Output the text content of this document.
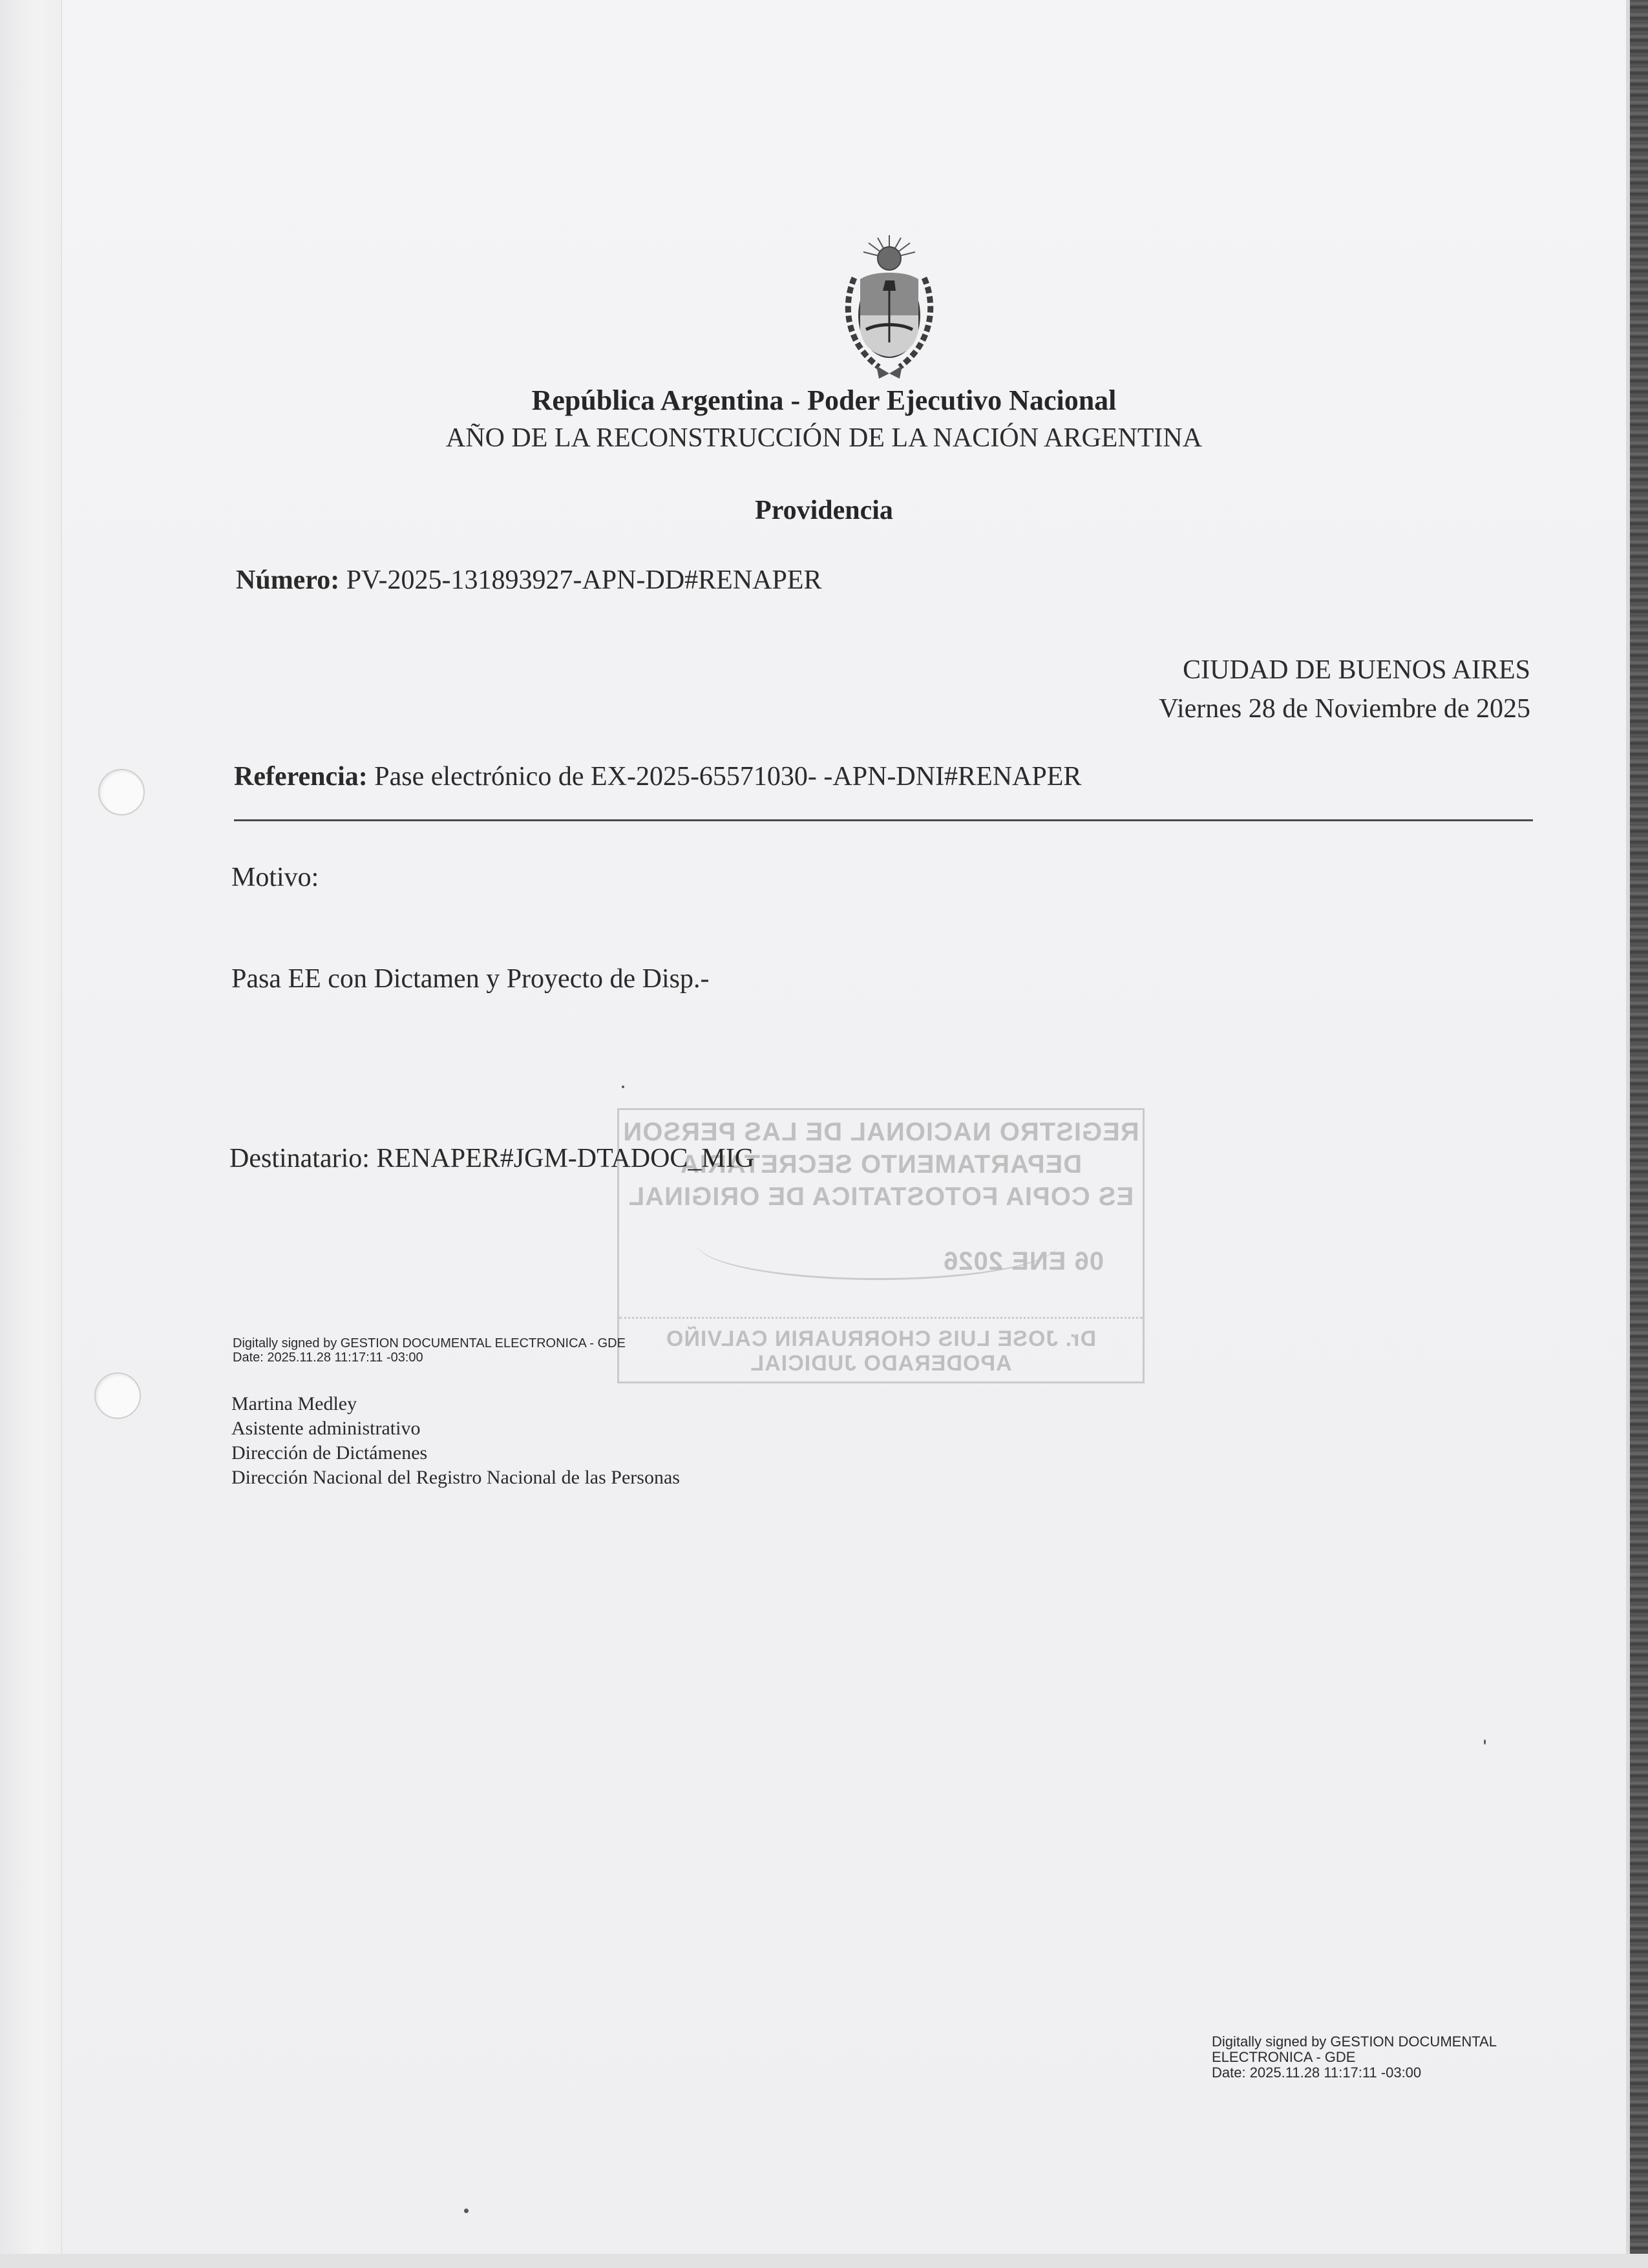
República Argentina - Poder Ejecutivo Nacional
AÑO DE LA RECONSTRUCCIÓN DE LA NACIÓN ARGENTINA
Providencia
Número: PV-2025-131893927-APN-DD#RENAPER
CIUDAD DE BUENOS AIRES
Viernes 28 de Noviembre de 2025
Referencia: Pase electrónico de EX-2025-65571030- -APN-DNI#RENAPER
Motivo:
Pasa EE con Dictamen y Proyecto de Disp.-
Destinatario: RENAPER#JGM-DTADOC_MIG
REGISTRO NACIONAL DE LAS PERSON
DEPARTAMENTO SECRETARIA
ES COPIA FOTOSTATICA DE ORIGINAL
06 ENE 2026
Dr. JOSE LUIS CHORRUARIN CALVIÑO
APODERADO JUDICIAL
Digitally signed by GESTION DOCUMENTAL ELECTRONICA - GDE
Date: 2025.11.28 11:17:11 -03:00
Martina Medley
Asistente administrativo
Dirección de Dictámenes
Dirección Nacional del Registro Nacional de las Personas
Digitally signed by GESTION DOCUMENTAL
ELECTRONICA - GDE
Date: 2025.11.28 11:17:11 -03:00
